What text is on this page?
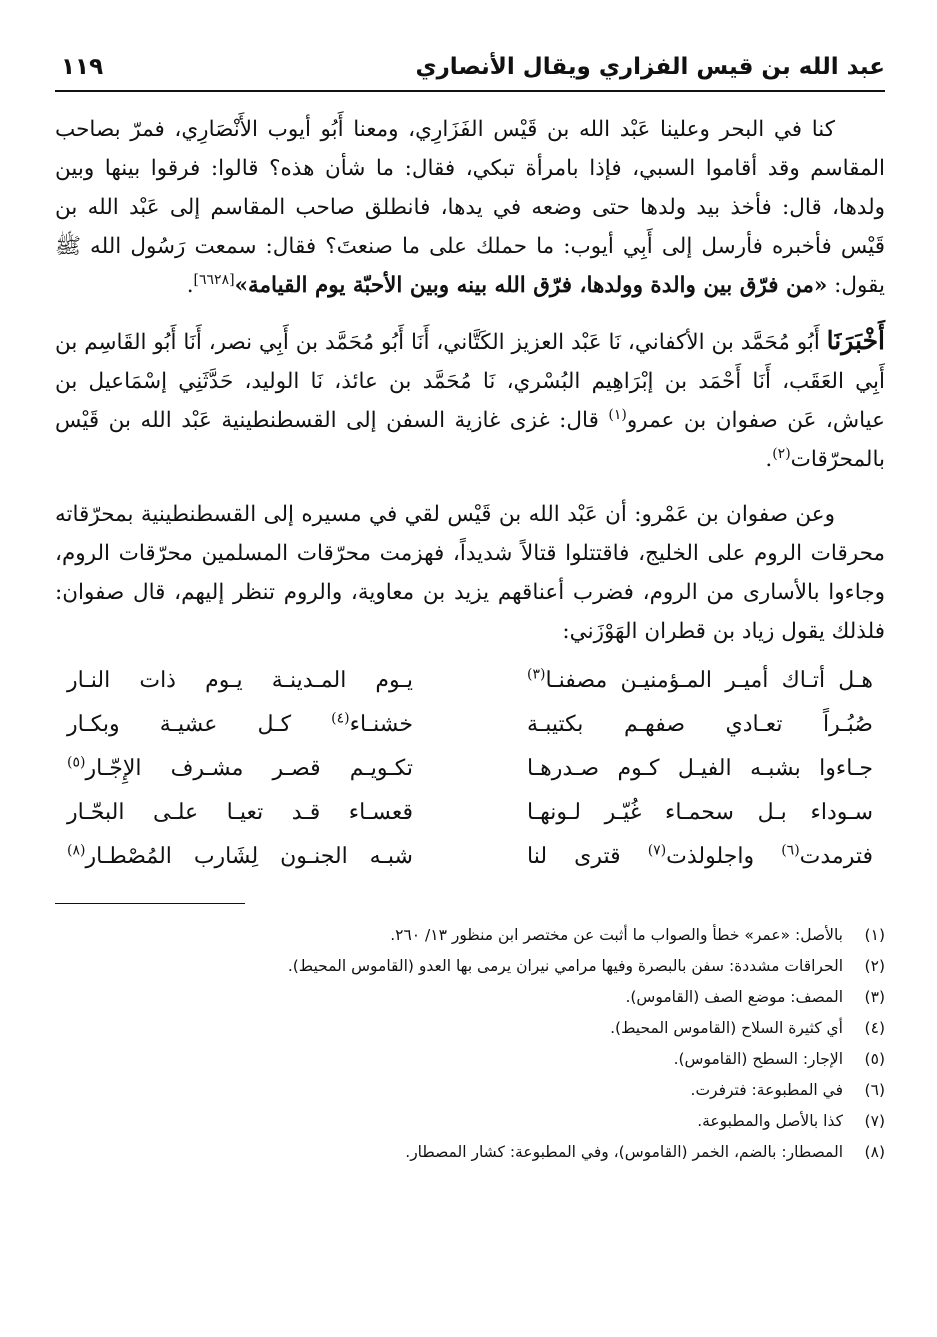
عبد الله بن قيس الفزاري ويقال الأنصاري
١١٩

كنا في البحر وعلينا عَبْد الله بن قَيْس الفَزَارِي، ومعنا أَبُو أيوب الأَنْصَارِي، فمرّ بصاحب المقاسم وقد أقاموا السبي، فإذا بامرأة تبكي، فقال: ما شأن هذه؟ قالوا: فرقوا بينها وبين ولدها، قال: فأخذ بيد ولدها حتى وضعه في يدها، فانطلق صاحب المقاسم إلى عَبْد الله بن قَيْس فأخبره فأرسل إلى أَبِي أيوب: ما حملك على ما صنعتَ؟ فقال: سمعت رَسُول الله ﷺ يقول: «من فرّق بين والدة وولدها، فرّق الله بينه وبين الأحبّة يوم القيامة»[٦٦٢٨].

أَخْبَرَنَا أَبُو مُحَمَّد بن الأكفاني، نَا عَبْد العزيز الكَتَّاني، أَنَا أَبُو مُحَمَّد بن أَبِي نصر، أَنَا أَبُو القَاسِم بن أَبِي العَقَب، أَنَا أَحْمَد بن إبْرَاهِيم البُسْري، نَا مُحَمَّد بن عائذ، نَا الوليد، حَدَّثَنِي إسْمَاعيل بن عياش، عَن صفوان بن عمرو$^{(١)}$ قال: غزى غازية السفن إلى القسطنطينية عَبْد الله بن قَيْس بالمحرّقات$^{(٢)}$.

وعن صفوان بن عَمْرو: أن عَبْد الله بن قَيْس لقي في مسيره إلى القسطنطينية بمحرّقاته محرقات الروم على الخليج، فاقتتلوا قتالاً شديداً، فهزمت محرّقات المسلمين محرّقات الروم، وجاءوا بالأسارى من الروم، فضرب أعناقهم يزيد بن معاوية، والروم تنظر إليهم، قال صفوان: فلذلك يقول زياد بن قطران الهَوْزَني:

هـل أتـاك أميـر المـؤمنيـن مصفنـا$^{(٣)}$
يـوم المـدينـة يـوم ذات النـار
صُبُـراً تعـادي صفهـم بكتيبـة
خشنـاء$^{(٤)}$ كـل عشيـة وبكـار
جـاءوا بشبـه الفيـل كـوم صـدرهـا
تكـويـم قصـر مشـرف الإِجّـار$^{(٥)}$
سـوداء بـل سحمـاء غُيّـر لـونهـا
قعسـاء قـد تعيـا علـى البحّـار
فترمدت$^{(٦)}$ واجلولذت$^{(٧)}$ قترى لنا
شبـه الجنـون لِشَارب المُصْطـار$^{(٨)}$
(١)
بالأصل: «عمر» خطأ والصواب ما أثبت عن مختصر ابن منظور ١٣/ ٢٦٠.
(٢)
الحراقات مشددة: سفن بالبصرة وفيها مرامي نيران يرمى بها العدو (القاموس المحيط).
(٣)
المصف: موضع الصف (القاموس).
(٤)
أي كثيرة السلاح (القاموس المحيط).
(٥)
الإجار: السطح (القاموس).
(٦)
في المطبوعة: فترفرت.
(٧)
كذا بالأصل والمطبوعة.
(٨)
المصطار: بالضم، الخمر (القاموس)، وفي المطبوعة: كشار المصطار.
